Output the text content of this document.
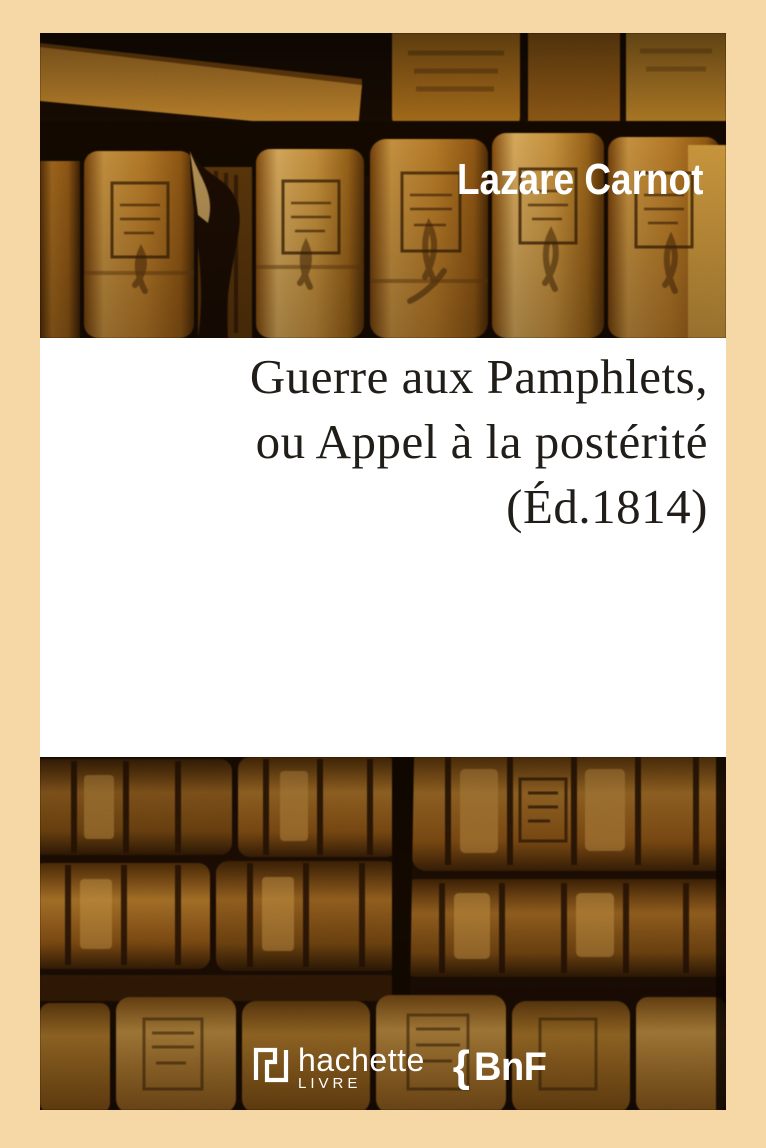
Lazare Carnot
Guerre aux Pamphlets,
ou Appel à la postérité
(Éd.1814)
hachette
LIVRE	{ BnF
